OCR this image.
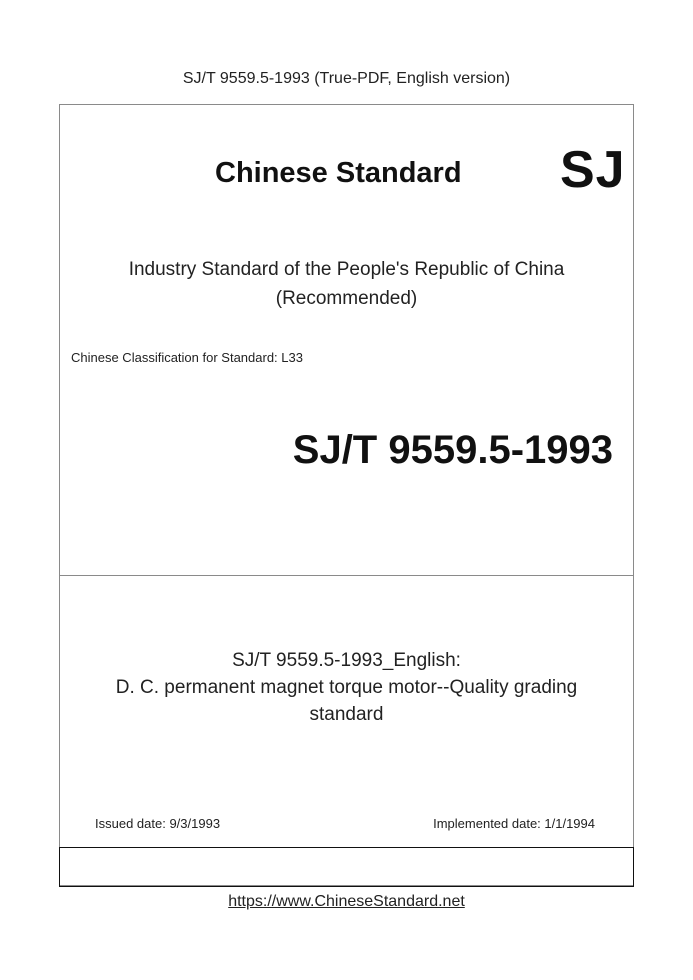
SJ/T 9559.5-1993 (True-PDF, English version)
Chinese Standard SJ
Industry Standard of the People's Republic of China
(Recommended)
Chinese Classification for Standard: L33
SJ/T 9559.5-1993
SJ/T 9559.5-1993_English:
D. C. permanent magnet torque motor--Quality grading
standard
Issued date: 9/3/1993	Implemented date: 1/1/1994
https://www.ChineseStandard.net
